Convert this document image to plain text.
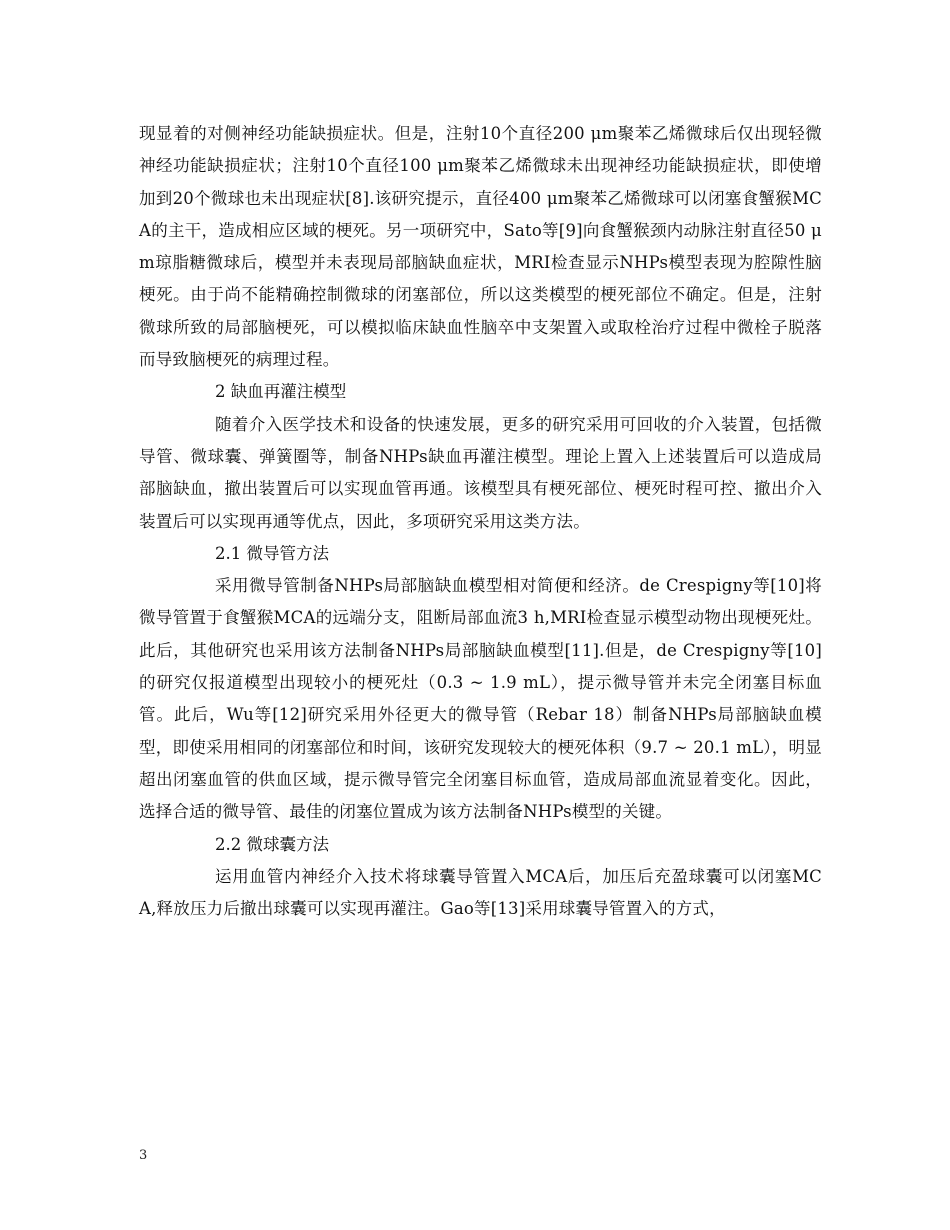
现显着的对侧神经功能缺损症状。但是，注射10个直径200 μm聚苯乙烯微球后仅出现轻微神经功能缺损症状；注射10个直径100 μm聚苯乙烯微球未出现神经功能缺损症状，即使增加到20个微球也未出现症状[8].该研究提示，直径400 μm聚苯乙烯微球可以闭塞食蟹猴MCA的主干，造成相应区域的梗死。另一项研究中，Sato等[9]向食蟹猴颈内动脉注射直径50 μm琼脂糖微球后，模型并未表现局部脑缺血症状，MRI检查显示NHPs模型表现为腔隙性脑梗死。由于尚不能精确控制微球的闭塞部位，所以这类模型的梗死部位不确定。但是，注射微球所致的局部脑梗死，可以模拟临床缺血性脑卒中支架置入或取栓治疗过程中微栓子脱落而导致脑梗死的病理过程。

2 缺血再灌注模型

随着介入医学技术和设备的快速发展，更多的研究采用可回收的介入装置，包括微导管、微球囊、弹簧圈等，制备NHPs缺血再灌注模型。理论上置入上述装置后可以造成局部脑缺血，撤出装置后可以实现血管再通。该模型具有梗死部位、梗死时程可控、撤出介入装置后可以实现再通等优点，因此，多项研究采用这类方法。

2.1 微导管方法

采用微导管制备NHPs局部脑缺血模型相对简便和经济。de Crespigny等[10]将微导管置于食蟹猴MCA的远端分支，阻断局部血流3 h,MRI检查显示模型动物出现梗死灶。此后，其他研究也采用该方法制备NHPs局部脑缺血模型[11].但是，de Crespigny等[10]的研究仅报道模型出现较小的梗死灶（0.3 ~ 1.9 mL），提示微导管并未完全闭塞目标血管。此后，Wu等[12]研究采用外径更大的微导管（Rebar 18）制备NHPs局部脑缺血模型，即使采用相同的闭塞部位和时间，该研究发现较大的梗死体积（9.7 ~ 20.1 mL），明显超出闭塞血管的供血区域，提示微导管完全闭塞目标血管，造成局部血流显着变化。因此，选择合适的微导管、最佳的闭塞位置成为该方法制备NHPs模型的关键。

2.2 微球囊方法

运用血管内神经介入技术将球囊导管置入MCA后，加压后充盈球囊可以闭塞MCA,释放压力后撤出球囊可以实现再灌注。Gao等[13]采用球囊导管置入的方式，

3
